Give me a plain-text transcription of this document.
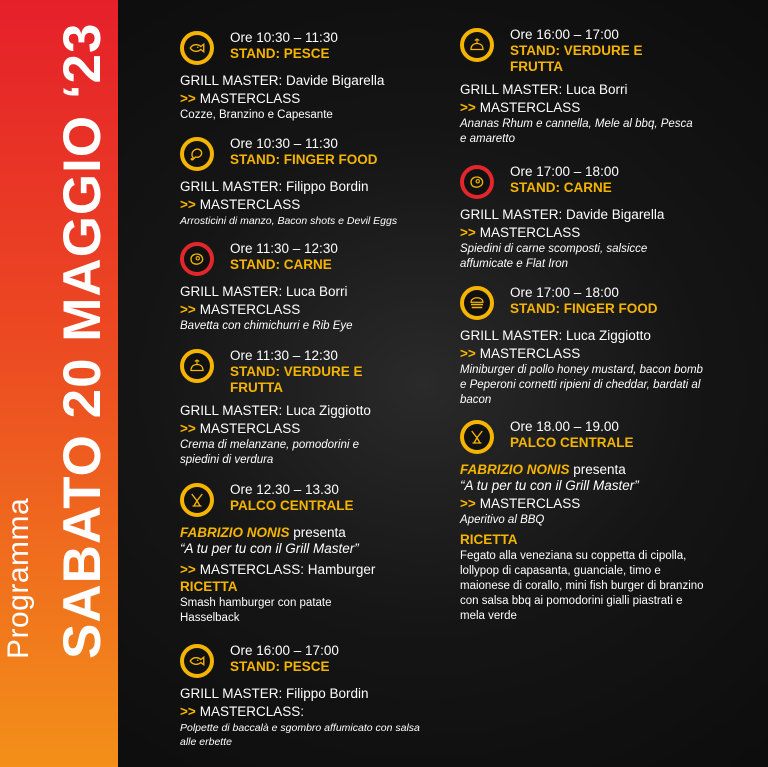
Programma SABATO 20 MAGGIO ‘23	Ore 10:30 – 11:30
STAND: PESCE
GRILL MASTER: Davide Bigarella
>> MASTERCLASS
Cozze, Branzino e Capesante
Ore 10:30 – 11:30
STAND: FINGER FOOD
GRILL MASTER: Filippo Bordin
>> MASTERCLASS
Arrosticini di manzo, Bacon shots e Devil Eggs
Ore 11:30 – 12:30
STAND: CARNE
GRILL MASTER: Luca Borri
>> MASTERCLASS
Bavetta con chimichurri e Rib Eye
Ore 11:30 – 12:30
STAND: VERDURE E FRUTTA
GRILL MASTER: Luca Ziggiotto
>> MASTERCLASS
Crema di melanzane, pomodorini e spiedini di verdura
Ore 12.30 – 13.30
PALCO CENTRALE
FABRIZIO NONIS presenta
“A tu per tu con il Grill Master”
>> MASTERCLASS: Hamburger
RICETTA
Smash hamburger con patate Hasselback
Ore 16:00 – 17:00
STAND: PESCE
GRILL MASTER: Filippo Bordin
>> MASTERCLASS:
Polpette di baccalà e sgombro affumicato con salsa alle erbette
Ore 16:00 – 17:00
STAND: VERDURE E FRUTTA
GRILL MASTER: Luca Borri
>> MASTERCLASS
Ananas Rhum e cannella, Mele al bbq, Pesca e amaretto
Ore 17:00 – 18:00
STAND: CARNE
GRILL MASTER: Davide Bigarella
>> MASTERCLASS
Spiedini di carne scomposti, salsicce affumicate e Flat Iron
Ore 17:00 – 18:00
STAND: FINGER FOOD
GRILL MASTER: Luca Ziggiotto
>> MASTERCLASS
Miniburger di pollo honey mustard, bacon bomb e Peperoni cornetti ripieni di cheddar, bardati al bacon
Ore 18.00 – 19.00
PALCO CENTRALE
FABRIZIO NONIS presenta
“A tu per tu con il Grill Master”
>> MASTERCLASS
Aperitivo al BBQ
RICETTA
Fegato alla veneziana su coppetta di cipolla, lollypop di capasanta, guanciale, timo e maionese di corallo, mini fish burger di branzino con salsa bbq ai pomodorini gialli piastrati e mela verde
